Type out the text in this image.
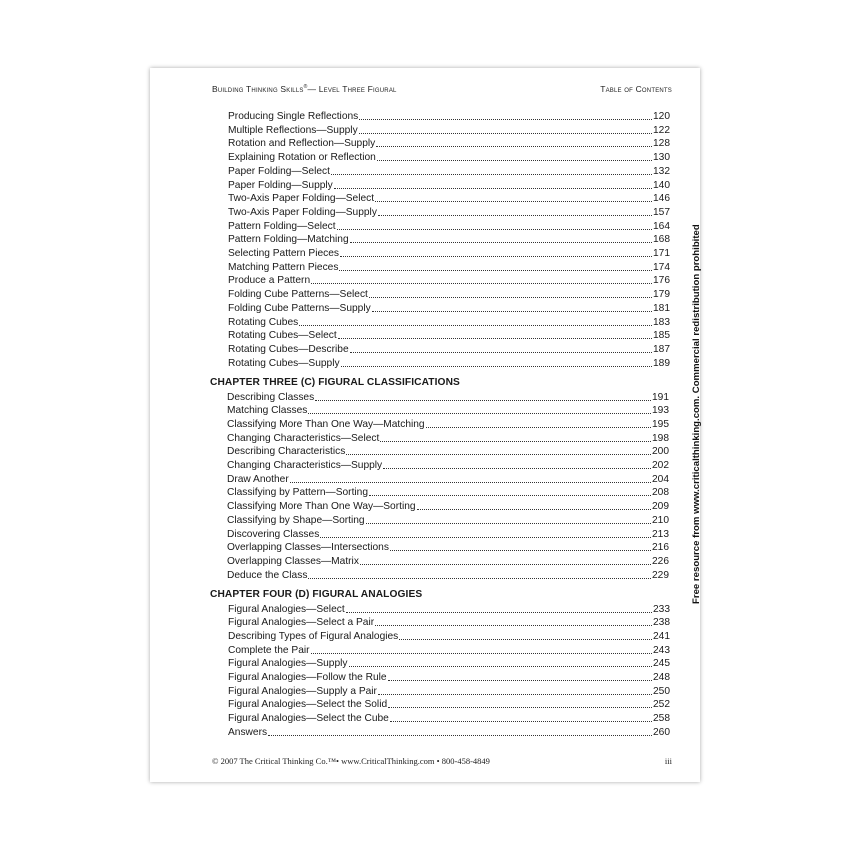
Building Thinking Skills®— Level Three Figural	Table of Contents
Producing Single Reflections	120
Multiple Reflections—Supply	122
Rotation and Reflection—Supply	128
Explaining Rotation or Reflection	130
Paper Folding—Select	132
Paper Folding—Supply	140
Two-Axis Paper Folding—Select	146
Two-Axis Paper Folding—Supply	157
Pattern Folding—Select	164
Pattern Folding—Matching	168
Selecting Pattern Pieces	171
Matching Pattern Pieces	174
Produce a Pattern	176
Folding Cube Patterns—Select	179
Folding Cube Patterns—Supply	181
Rotating Cubes	183
Rotating Cubes—Select	185
Rotating Cubes—Describe	187
Rotating Cubes—Supply	189
CHAPTER THREE (C) FIGURAL CLASSIFICATIONS
Describing Classes	191
Matching Classes	193
Classifying More Than One Way—Matching	195
Changing Characteristics—Select	198
Describing Characteristics	200
Changing Characteristics—Supply	202
Draw Another	204
Classifying by Pattern—Sorting	208
Classifying More Than One Way—Sorting	209
Classifying by Shape—Sorting	210
Discovering Classes	213
Overlapping Classes—Intersections	216
Overlapping Classes—Matrix	226
Deduce the Class	229
CHAPTER FOUR (D) FIGURAL ANALOGIES
Figural Analogies—Select	233
Figural Analogies—Select a Pair	238
Describing Types of Figural Analogies	241
Complete the Pair	243
Figural Analogies—Supply	245
Figural Analogies—Follow the Rule	248
Figural Analogies—Supply a Pair	250
Figural Analogies—Select the Solid	252
Figural Analogies—Select the Cube	258
Answers	260
© 2007 The Critical Thinking Co.™• www.CriticalThinking.com • 800-458-4849	iii
Free resource from www.criticalthinking.com. Commercial redistribution prohibited
